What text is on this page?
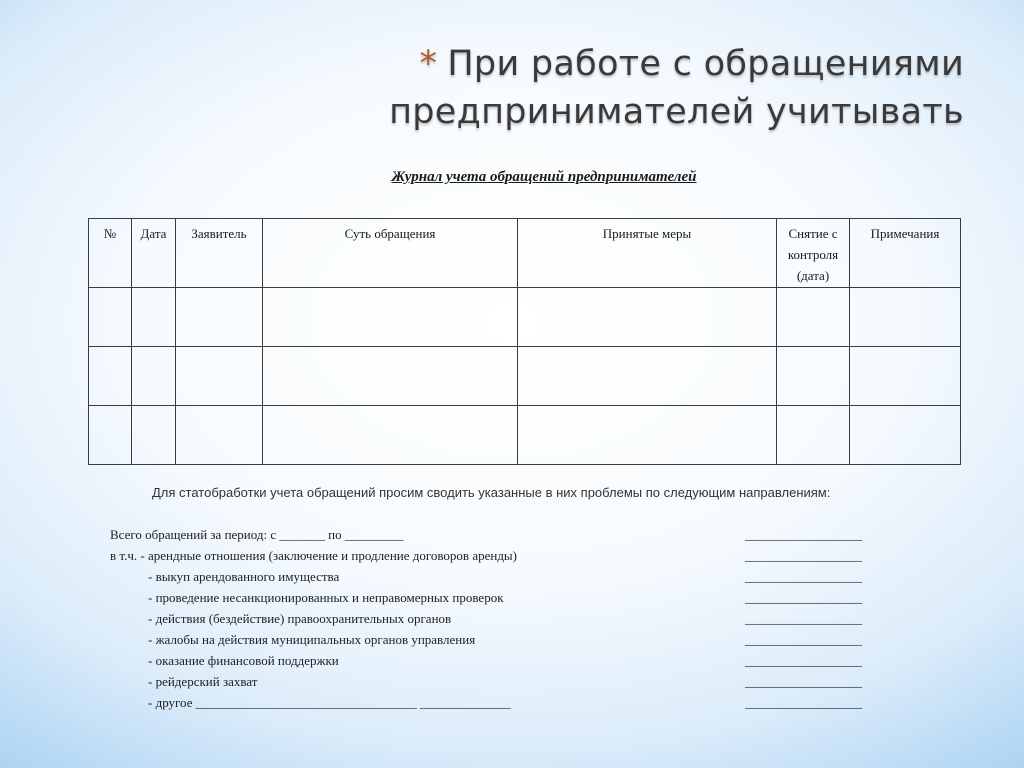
* При работе с обращениями
предпринимателей учитывать
Журнал учета обращений предпринимателей
№	Дата	Заявитель	Суть обращения	Принятые меры	Снятие с контроля (дата)	Примечания

Для статобработки учета обращений просим сводить указанные в них проблемы по следующим направлениям:
Всего обращений за период: с _______ по _________	__________________
в т.ч. - арендные отношения (заключение и продление договоров аренды)	__________________
- выкуп арендованного имущества	__________________
- проведение несанкционированных и неправомерных проверок	__________________
- действия (бездействие) правоохранительных органов	__________________
- жалобы на действия муниципальных органов управления	__________________
- оказание финансовой поддержки	__________________
- рейдерский захват	__________________
- другое __________________________________ ______________	__________________
